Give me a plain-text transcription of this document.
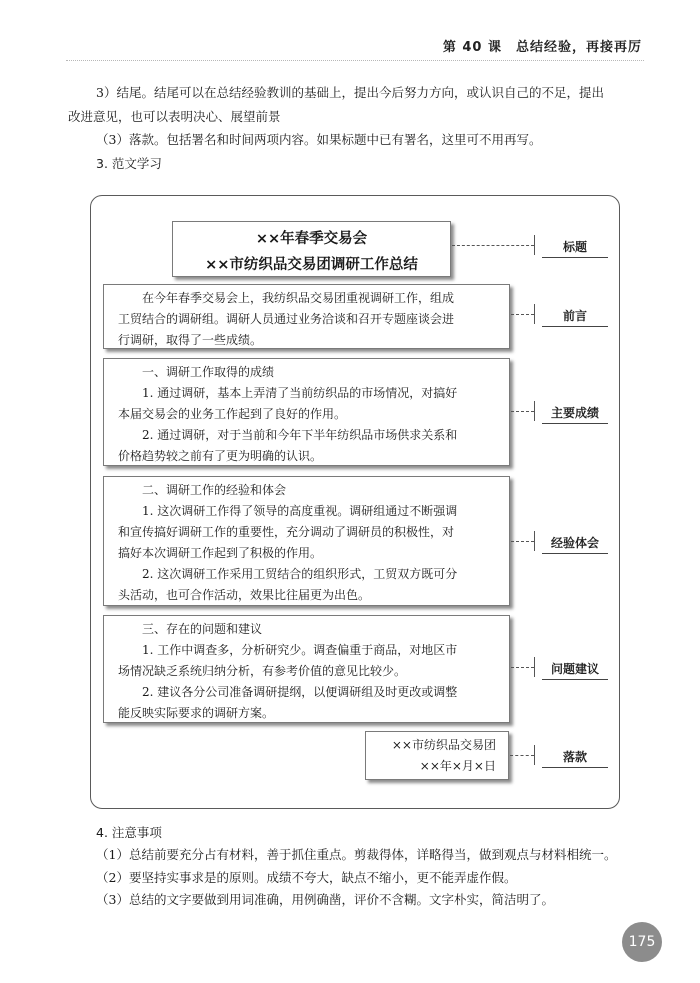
第 40 课　总结经验，再接再厉
3）结尾。结尾可以在总结经验教训的基础上，提出今后努力方向，或认识自己的不足，提出
改进意见，也可以表明决心、展望前景
（3）落款。包括署名和时间两项内容。如果标题中已有署名，这里可不用再写。
3. 范文学习
××年春季交易会
××市纺织品交易团调研工作总结
在今年春季交易会上，我纺织品交易团重视调研工作，组成
工贸结合的调研组。调研人员通过业务洽谈和召开专题座谈会进
行调研，取得了一些成绩。
一、调研工作取得的成绩
1. 通过调研，基本上弄清了当前纺织品的市场情况，对搞好
本届交易会的业务工作起到了良好的作用。
2. 通过调研，对于当前和今年下半年纺织品市场供求关系和
价格趋势较之前有了更为明确的认识。
二、调研工作的经验和体会
1. 这次调研工作得了领导的高度重视。调研组通过不断强调
和宣传搞好调研工作的重要性，充分调动了调研员的积极性，对
搞好本次调研工作起到了积极的作用。
2. 这次调研工作采用工贸结合的组织形式，工贸双方既可分
头活动，也可合作活动，效果比往届更为出色。
三、存在的问题和建议
1. 工作中调查多，分析研究少。调查偏重于商品，对地区市
场情况缺乏系统归纳分析，有参考价值的意见比较少。
2. 建议各分公司准备调研提纲，以便调研组及时更改或调整
能反映实际要求的调研方案。
××市纺织品交易团
××年×月×日
标题
前言
主要成绩
经验体会
问题建议
落款
4. 注意事项
（1）总结前要充分占有材料，善于抓住重点。剪裁得体，详略得当，做到观点与材料相统一。
（2）要坚持实事求是的原则。成绩不夸大，缺点不缩小，更不能弄虚作假。
（3）总结的文字要做到用词准确，用例确凿，评价不含糊。文字朴实，简洁明了。
175
